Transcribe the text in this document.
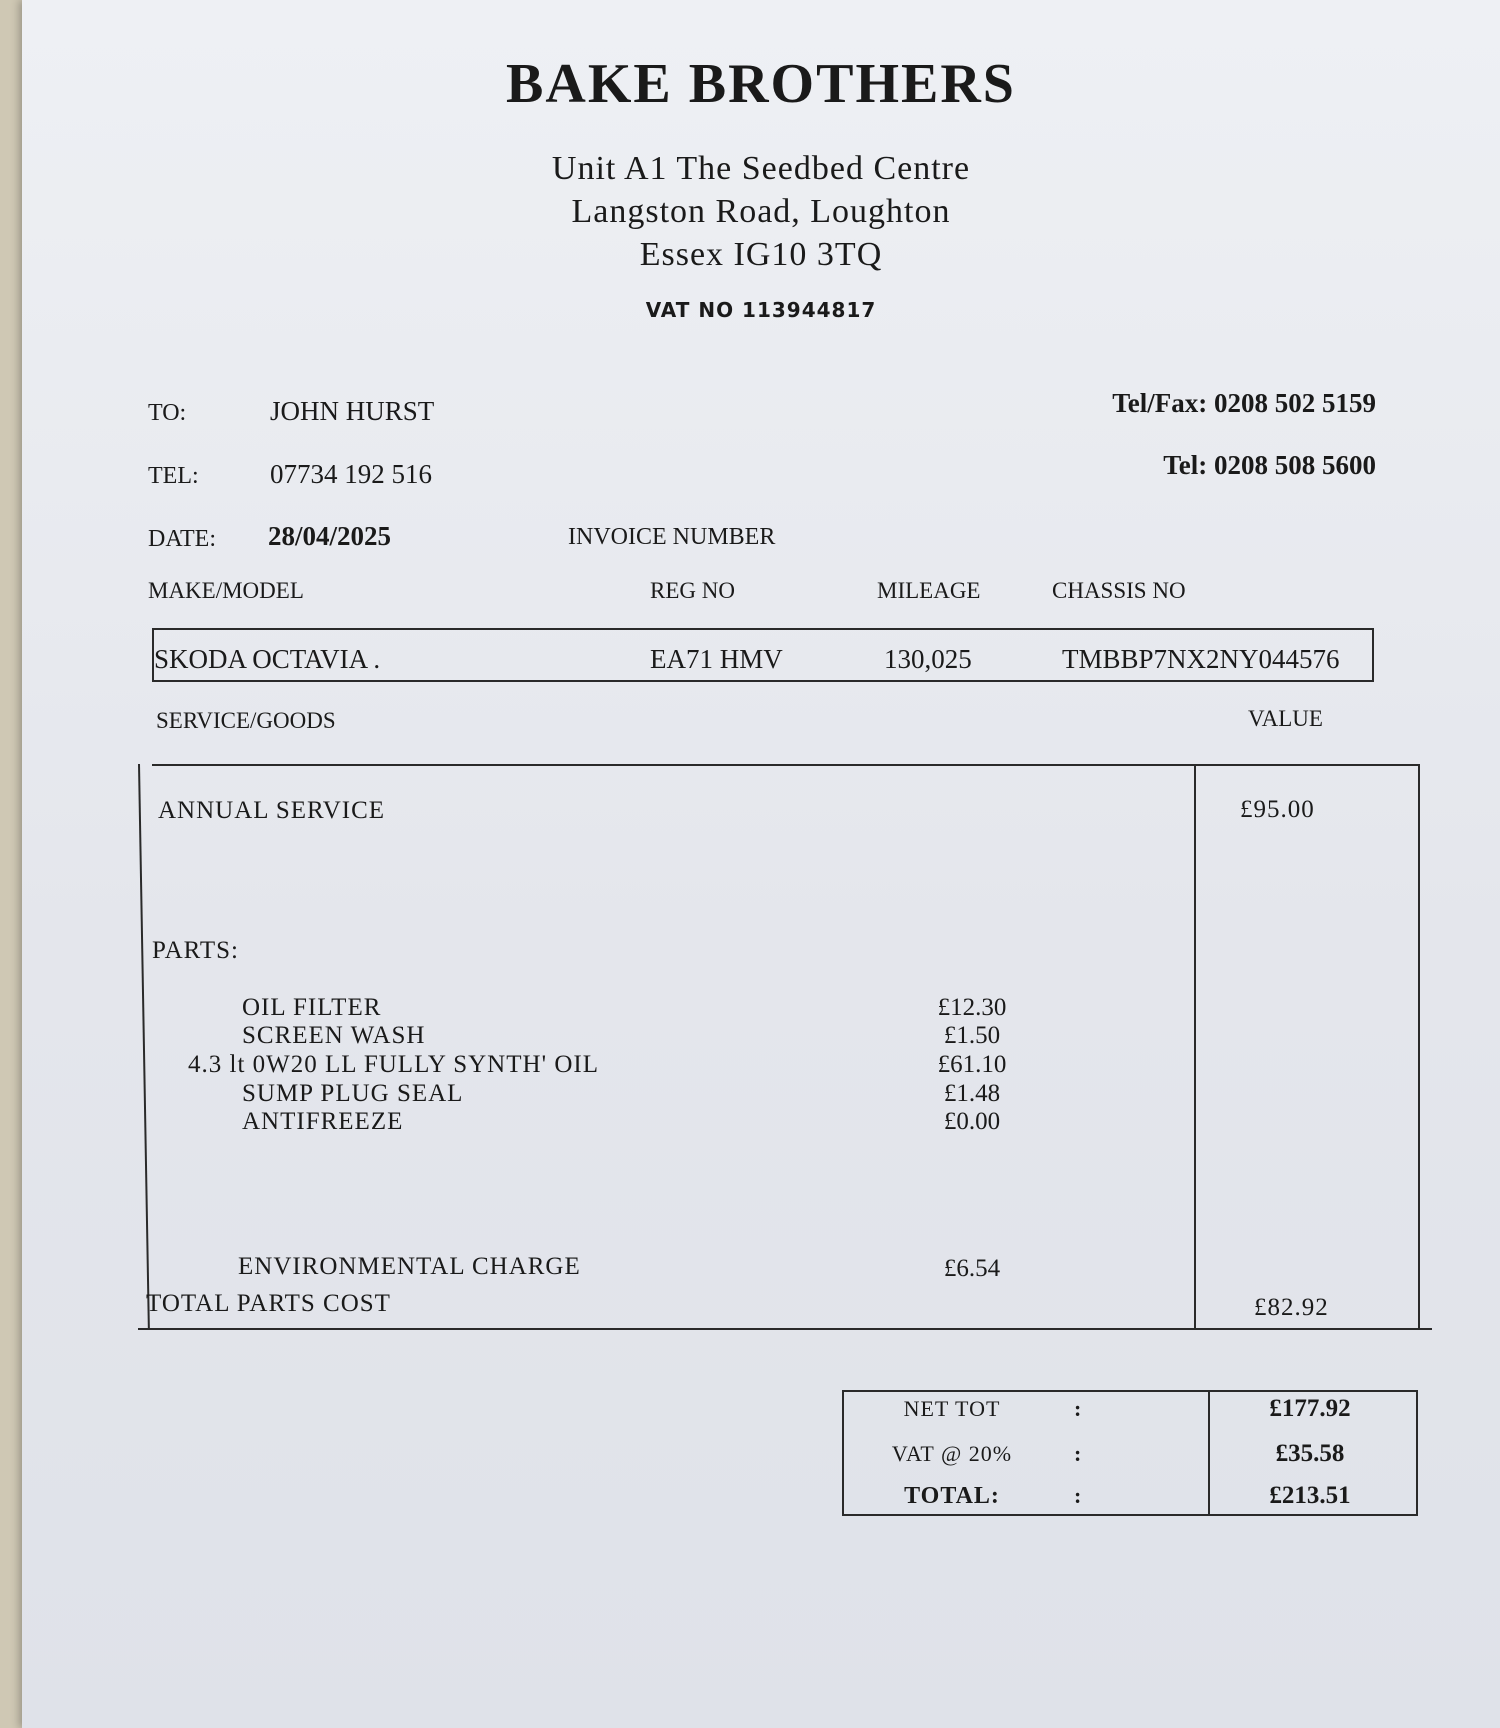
BAKE BROTHERS
Unit A1 The Seedbed Centre
Langston Road, Loughton
Essex IG10 3TQ
VAT NO 113944817
Tel/Fax: 0208 502 5159
Tel: 0208 508 5600
TO:	JOHN HURST
TEL:	07734 192 516
DATE: 28/04/2025	INVOICE NUMBER
MAKE/MODEL	REG NO	MILEAGE	CHASSIS NO
SKODA OCTAVIA .	EA71 HMV	130,025	TMBBP7NX2NY044576
SERVICE/GOODS	VALUE
ANNUAL SERVICE	£95.00
PARTS:
OIL FILTER	£12.30
SCREEN WASH	£1.50
4.3 lt 0W20 LL FULLY SYNTH' OIL	£61.10
SUMP PLUG SEAL	£1.48
ANTIFREEZE	£0.00
ENVIRONMENTAL CHARGE	£6.54
TOTAL PARTS COST	£82.92
NET TOT	:	£177.92
VAT @ 20%	:	£35.58
TOTAL:	:	£213.51
